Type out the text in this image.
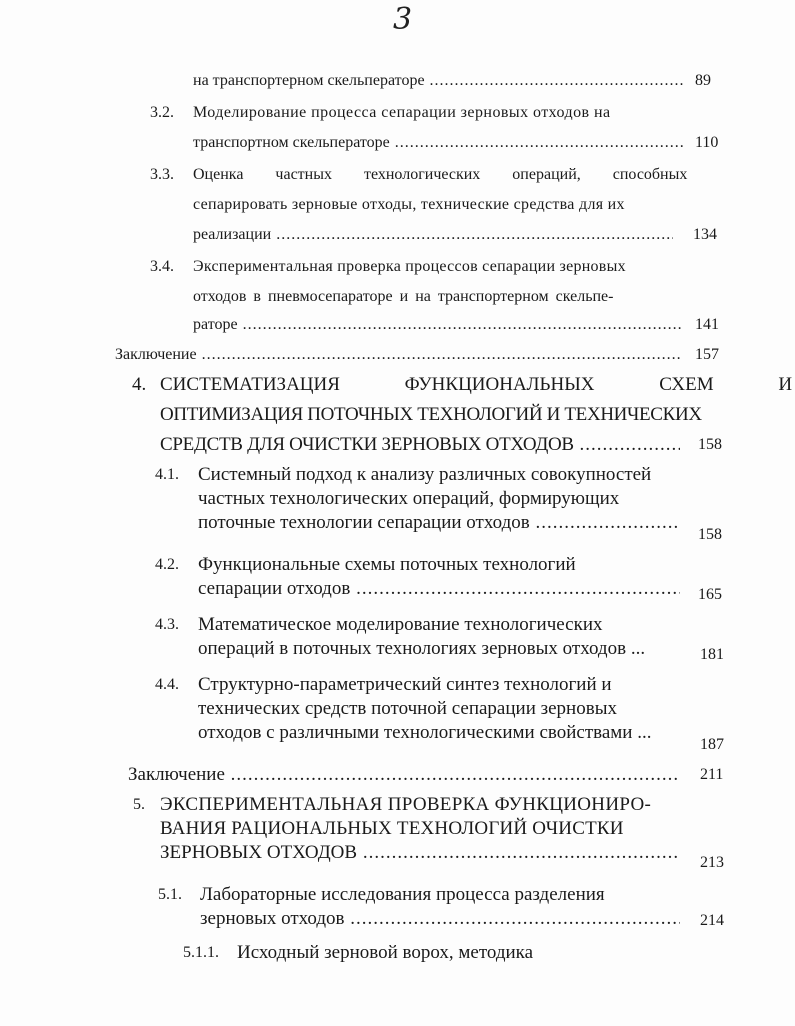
3
на транспортерном скельператоре .....	89
3.2. Моделирование процесса сепарации зерновых отходов на
транспортном скельператоре .....	110
3.3. Оценка частных технологических операций, способных
сепарировать зерновые отходы, технические средства для их
реализации .....	134
3.4. Экспериментальная проверка процессов сепарации зерновых
отходов в пневмосепараторе и на транспортерном скельпе-
раторе .....	141
Заключение .....	157
4. СИСТЕМАТИЗАЦИЯ ФУНКЦИОНАЛЬНЫХ СХЕМ И
ОПТИМИЗАЦИЯ ПОТОЧНЫХ ТЕХНОЛОГИЙ И ТЕХНИЧЕСКИХ
СРЕДСТВ ДЛЯ ОЧИСТКИ ЗЕРНОВЫХ ОТХОДОВ .....	158
4.1. Системный подход к анализу различных совокупностей
частных технологических операций, формирующих
поточные технологии сепарации отходов .....
158
4.2. Функциональные схемы поточных технологий
сепарации отходов .....	165
4.3. Математическое моделирование технологических
операций в поточных технологиях зерновых отходов ...	181
4.4. Структурно-параметрический синтез технологий и
технических средств поточной сепарации зерновых
отходов с различными технологическими свойствами ...
187
Заключение .....	211
5. ЭКСПЕРИМЕНТАЛЬНАЯ ПРОВЕРКА ФУНКЦИОНИРО-
ВАНИЯ РАЦИОНАЛЬНЫХ ТЕХНОЛОГИЙ ОЧИСТКИ
ЗЕРНОВЫХ ОТХОДОВ .....	213
5.1. Лабораторные исследования процесса разделения
зерновых отходов .....	214
5.1.1. Исходный зерновой ворох, методика
